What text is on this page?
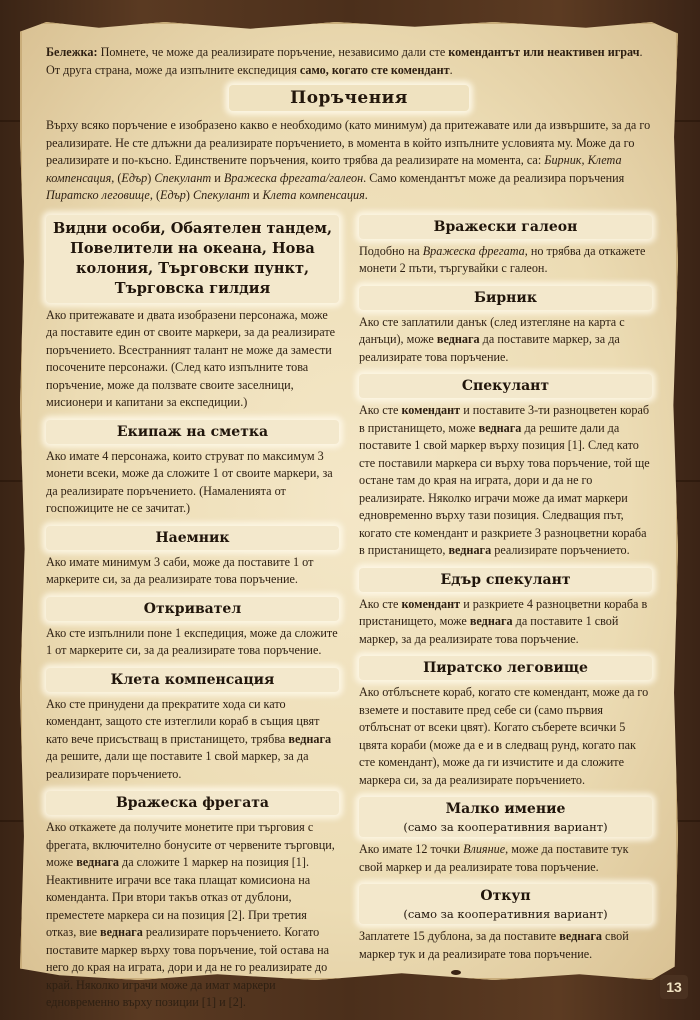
Бележка: Помнете, че може да реализирате поръчение, независимо дали сте комендантът или неактивен играч. От друга страна, може да изпълните експедиция само, когато сте комендант.

Поръчения

Върху всяко поръчение е изобразено какво е необходимо (като минимум) да притежавате или да извършите, за да го реализирате. Не сте длъжни да реализирате поръчението, в момента в който изпълните условията му. Може да го реализирате и по-късно. Единствените поръчения, които трябва да реализирате на момента, са: Бирник, Клета компенсация, (Едър) Спекулант и Вражеска фрегата/галеон. Само комендантът може да реализира поръчения Пиратско леговище, (Едър) Спекулант и Клета компенсация.

Видни особи, Обаятелен тандем, Повелители на океана, Нова колония, Търговски пункт, Търговска гилдия

Ако притежавате и двата изобразени персонажа, може да поставите един от своите маркери, за да реализирате поръчението. Всестранният талант не може да замести посочените персонажи. (След като изпълните това поръчение, може да ползвате своите заселници, мисионери и капитани за експедиции.)

Екипаж на сметка

Ако имате 4 персонажа, които струват по максимум 3 монети всеки, може да сложите 1 от своите маркери, за да реализирате поръчението. (Намаленията от госпожиците не се зачитат.)

Наемник

Ако имате минимум 3 саби, може да поставите 1 от маркерите си, за да реализирате това поръчение.

Откривател

Ако сте изпълнили поне 1 експедиция, може да сложите 1 от маркерите си, за да реализирате това поръчение.

Клета компенсация

Ако сте принудени да прекратите хода си като комендант, защото сте изтеглили кораб в същия цвят като вече присъстващ в пристанището, трябва веднага да решите, дали ще поставите 1 свой маркер, за да реализирате поръчението.

Вражеска фрегата

Ако откажете да получите монетите при търговия с фрегата, включително бонусите от червените търговци, може веднага да сложите 1 маркер на позиция [1]. Неактивните играчи все така плащат комисиона на коменданта. При втори такъв отказ от дублони, преместете маркера си на позиция [2]. При третия отказ, вие веднага реализирате поръчението. Когато поставите маркер върху това поръчение, той остава на него до края на играта, дори и да не го реализирате до край. Няколко играчи може да имат маркери едновременно върху позиции [1] и [2].

Вражески галеон

Подобно на Вражеска фрегата, но трябва да откажете монети 2 пъти, търгувайки с галеон.

Бирник

Ако сте заплатили данък (след изтегляне на карта с данъци), може веднага да поставите маркер, за да реализирате това поръчение.

Спекулант

Ако сте комендант и поставите 3-ти разноцветен кораб в пристанището, може веднага да решите дали да поставите 1 свой маркер върху позиция [1]. След като сте поставили маркера си върху това поръчение, той ще остане там до края на играта, дори и да не го реализирате. Няколко играчи може да имат маркери едновременно върху тази позиция. Следващия път, когато сте комендант и разкриете 3 разноцветни кораба в пристанището, веднага реализирате поръчението.

Едър спекулант

Ако сте комендант и разкриете 4 разноцветни кораба в пристанището, може веднага да поставите 1 свой маркер, за да реализирате това поръчение.

Пиратско леговище

Ако отблъснете кораб, когато сте комендант, може да го вземете и поставите пред себе си (само първия отблъснат от всеки цвят). Когато съберете всички 5 цвята кораби (може да е и в следващ рунд, когато пак сте комендант), може да ги изчистите и да сложите маркера си, за да реализирате поръчението.

Малко имение
(само за кооперативния вариант)

Ако имате 12 точки Влияние, може да поставите тук свой маркер и да реализирате това поръчение.

Откуп
(само за кооперативния вариант)

Заплатете 15 дублона, за да поставите веднага свой маркер тук и да реализирате това поръчение.

13
